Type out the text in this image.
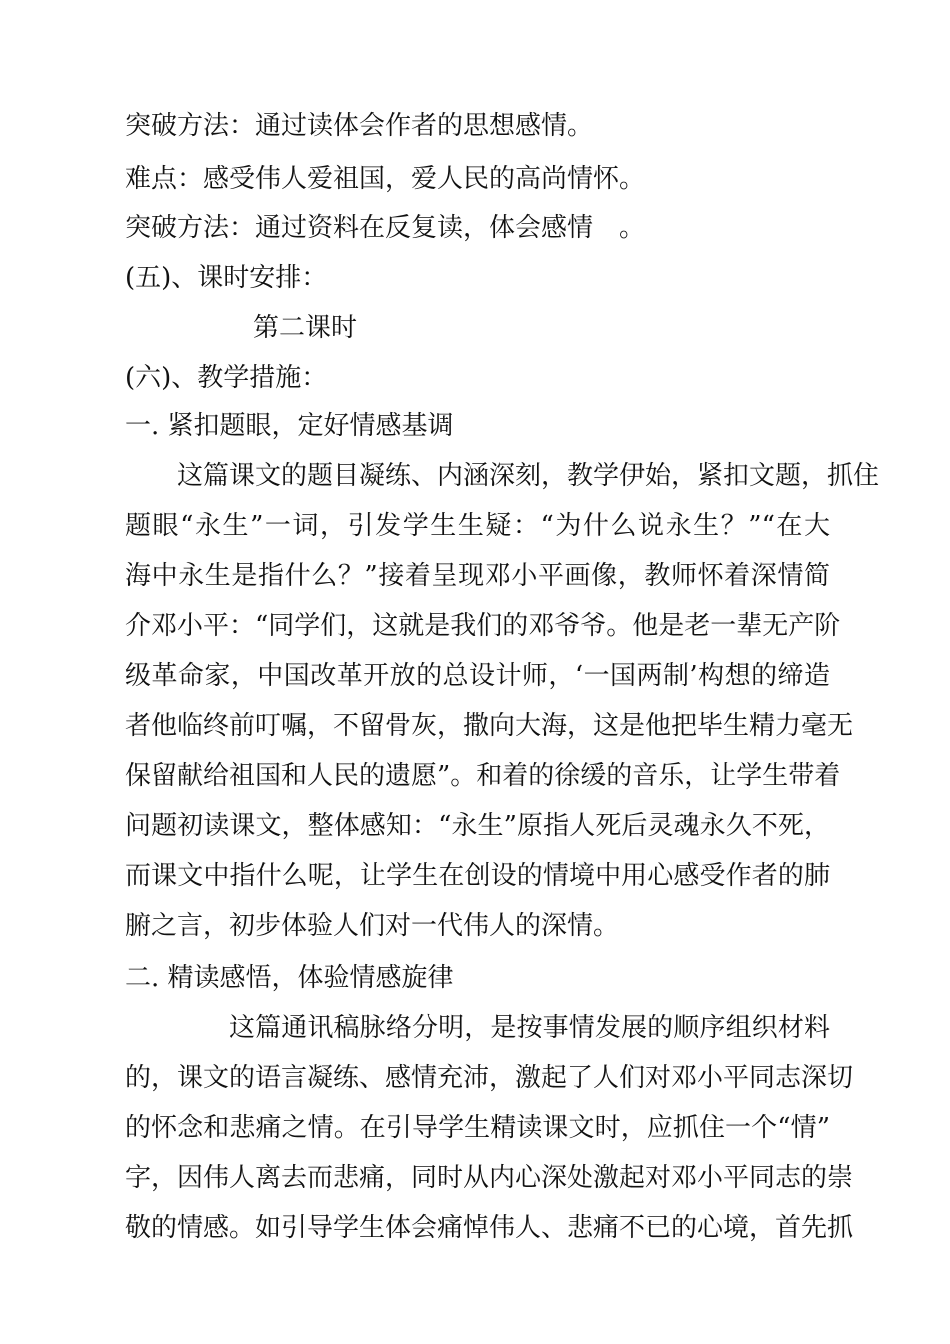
突破方法：通过读体会作者的思想感情。
难点：感受伟人爱祖国，爱人民的高尚情怀。
突破方法：通过资料在反复读，体会感情　。
(五)、课时安排：
第二课时
(六)、教学措施：
一. 紧扣题眼，定好情感基调
这篇课文的题目凝练、内涵深刻，教学伊始，紧扣文题，抓住
题眼“永生”一词，引发学生生疑：“为什么说永生？”“在大
海中永生是指什么？”接着呈现邓小平画像，教师怀着深情简
介邓小平：“同学们，这就是我们的邓爷爷。他是老一辈无产阶
级革命家，中国改革开放的总设计师，‘一国两制’构想的缔造
者他临终前叮嘱，不留骨灰，撒向大海，这是他把毕生精力毫无
保留献给祖国和人民的遗愿”。和着的徐缓的音乐，让学生带着
问题初读课文，整体感知：“永生”原指人死后灵魂永久不死，
而课文中指什么呢，让学生在创设的情境中用心感受作者的肺
腑之言，初步体验人们对一代伟人的深情。
二. 精读感悟，体验情感旋律
这篇通讯稿脉络分明，是按事情发展的顺序组织材料
的，课文的语言凝练、感情充沛，激起了人们对邓小平同志深切
的怀念和悲痛之情。在引导学生精读课文时，应抓住一个“情”
字，因伟人离去而悲痛，同时从内心深处激起对邓小平同志的崇
敬的情感。如引导学生体会痛悼伟人、悲痛不已的心境，首先抓
